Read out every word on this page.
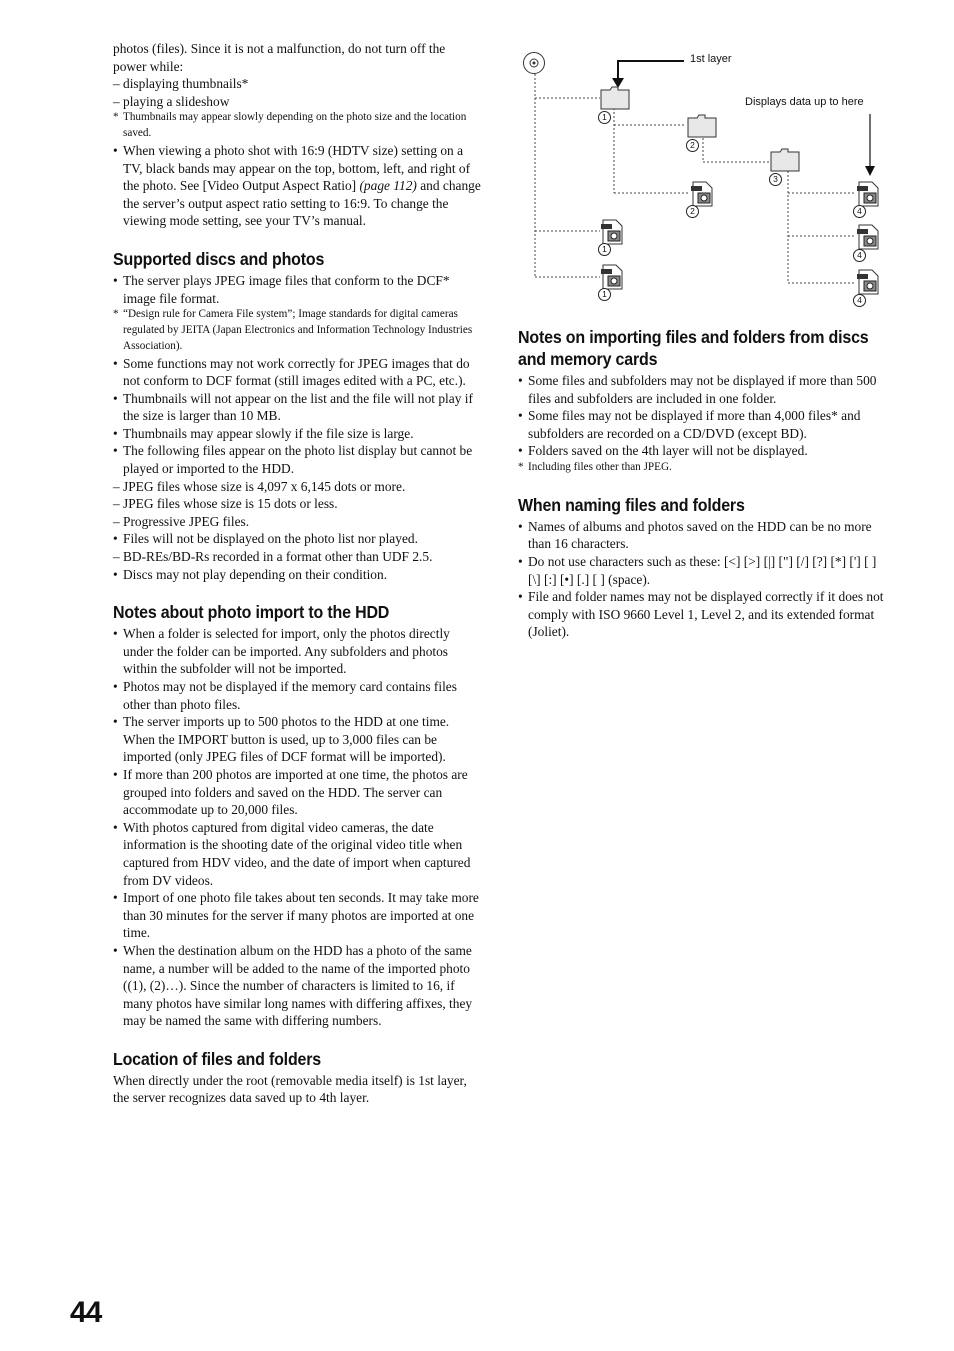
photos (files). Since it is not a malfunction, do not turn off the power while:

– displaying thumbnails*

– playing a slideshow

* Thumbnails may appear slowly depending on the photo size and the location saved.

• When viewing a photo shot with 16:9 (HDTV size) setting on a TV, black bands may appear on the top, bottom, left, and right of the photo. See [Video Output Aspect Ratio] (page 112) and change the server’s output aspect ratio setting to 16:9. To change the viewing mode setting, see your TV’s manual.

Supported discs and photos

• The server plays JPEG image files that conform to the DCF* image file format.

* “Design rule for Camera File system”; Image standards for digital cameras regulated by JEITA (Japan Electronics and Information Technology Industries Association).

• Some functions may not work correctly for JPEG images that do not conform to DCF format (still images edited with a PC, etc.).

• Thumbnails will not appear on the list and the file will not play if the size is larger than 10 MB.

• Thumbnails may appear slowly if the file size is large.

• The following files appear on the photo list display but cannot be played or imported to the HDD.

– JPEG files whose size is 4,097 x 6,145 dots or more.

– JPEG files whose size is 15 dots or less.

– Progressive JPEG files.

• Files will not be displayed on the photo list nor played.

– BD-REs/BD-Rs recorded in a format other than UDF 2.5.

• Discs may not play depending on their condition.

Notes about photo import to the HDD

• When a folder is selected for import, only the photos directly under the folder can be imported. Any subfolders and photos within the subfolder will not be imported.

• Photos may not be displayed if the memory card contains files other than photo files.

• The server imports up to 500 photos to the HDD at one time. When the IMPORT button is used, up to 3,000 files can be imported (only JPEG files of DCF format will be imported).

• If more than 200 photos are imported at one time, the photos are grouped into folders and saved on the HDD. The server can accommodate up to 20,000 files.

• With photos captured from digital video cameras, the date information is the shooting date of the original video title when captured from HDV video, and the date of import when captured from DV videos.

• Import of one photo file takes about ten seconds. It may take more than 30 minutes for the server if many photos are imported at one time.

• When the destination album on the HDD has a photo of the same name, a number will be added to the name of the imported photo ((1), (2)…). Since the number of characters is limited to 16, if many photos have similar long names with differing affixes, they may be named the same with differing numbers.

Location of files and folders

When directly under the root (removable media itself) is 1st layer, the server recognizes data saved up to 4th layer.

1st layer
Displays data up to here
1
2
3
2
1
1
4
4
4
Notes on importing files and folders from discs and memory cards

• Some files and subfolders may not be displayed if more than 500 files and subfolders are included in one folder.

• Some files may not be displayed if more than 4,000 files* and subfolders are recorded on a CD/DVD (except BD).

• Folders saved on the 4th layer will not be displayed.

* Including files other than JPEG.

When naming files and folders

• Names of albums and photos saved on the HDD can be no more than 16 characters.

• Do not use characters such as these: [<] [>] [|] ["] [/] [?] [*] ['] [ ] [\] [:] [•] [.] [ ] (space).

• File and folder names may not be displayed correctly if it does not comply with ISO 9660 Level 1, Level 2, and its extended format (Joliet).

44
